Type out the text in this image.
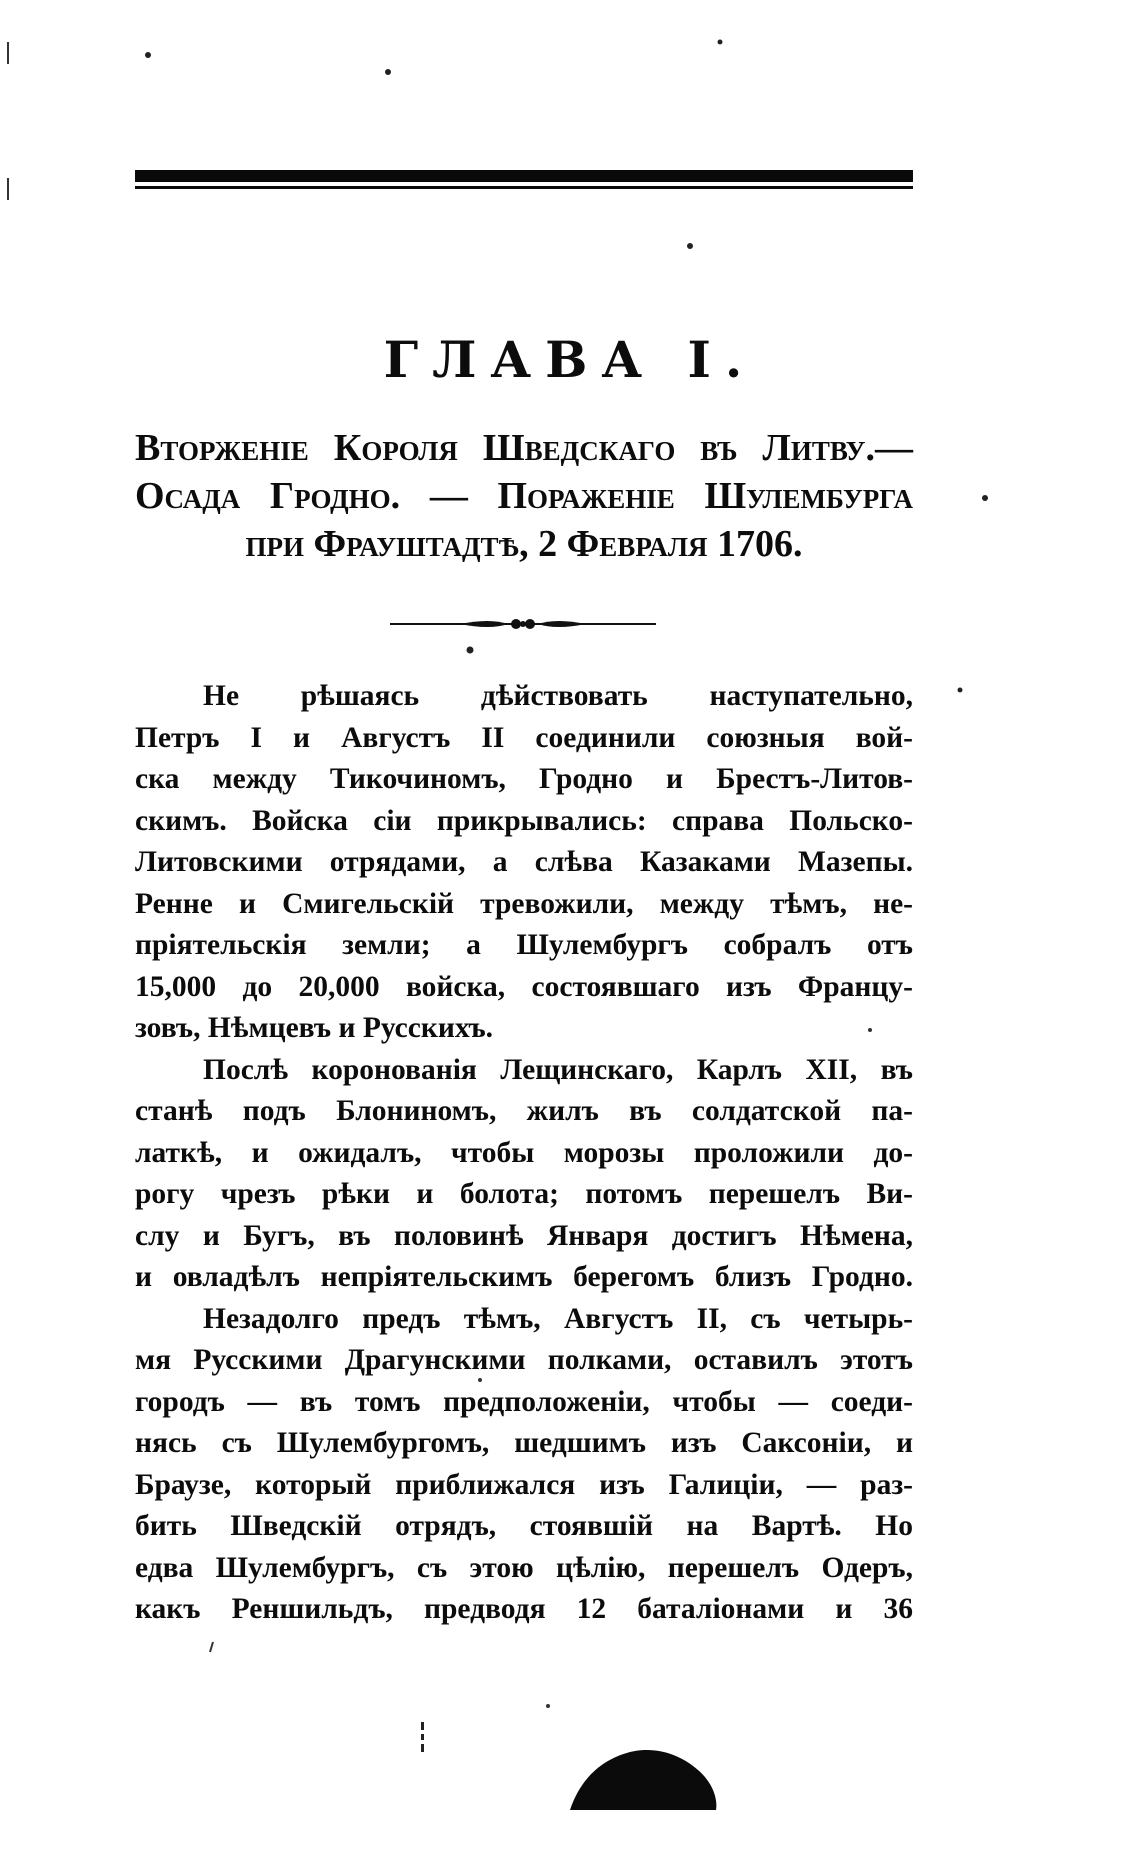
ГЛАВА I.
Вторженіе Короля Шведскаго въ Литву.—
Осада Гродно. — Пораженіе Шулембурга
при Фрауштадтѣ, 2 Февраля 1706.
Не рѣшаясь дѣйствовать наступательно,
Петръ I и Августъ II соединили союзныя вой-
ска между Тикочиномъ, Гродно и Брестъ-Литов-
скимъ. Войска сіи прикрывались: справа Польско-
Литовскими отрядами, а слѣва Казаками Мазепы.
Ренне и Смигельскій тревожили, между тѣмъ, не-
пріятельскія земли; а Шулембургъ собралъ отъ
15,000 до 20,000 войска, состоявшаго изъ Францу-
зовъ, Нѣмцевъ и Русскихъ.
Послѣ коронованія Лещинскаго, Карлъ XII, въ
станѣ подъ Блониномъ, жилъ въ солдатской па-
латкѣ, и ожидалъ, чтобы морозы проложили до-
рогу чрезъ рѣки и болота; потомъ перешелъ Ви-
слу и Бугъ, въ половинѣ Января достигъ Нѣмена,
и овладѣлъ непріятельскимъ берегомъ близъ Гродно.
Незадолго предъ тѣмъ, Августъ II, съ четырь-
мя Русскими Драгунскими полками, оставилъ этотъ
городъ — въ томъ предположеніи, чтобы — соеди-
нясь съ Шулембургомъ, шедшимъ изъ Саксоніи, и
Браузе, который приближался изъ Галиціи, — раз-
бить Шведскій отрядъ, стоявшій на Вартѣ. Но
едва Шулембургъ, съ этою цѣлію, перешелъ Одеръ,
какъ Реншильдъ, предводя 12 баталіонами и 36
